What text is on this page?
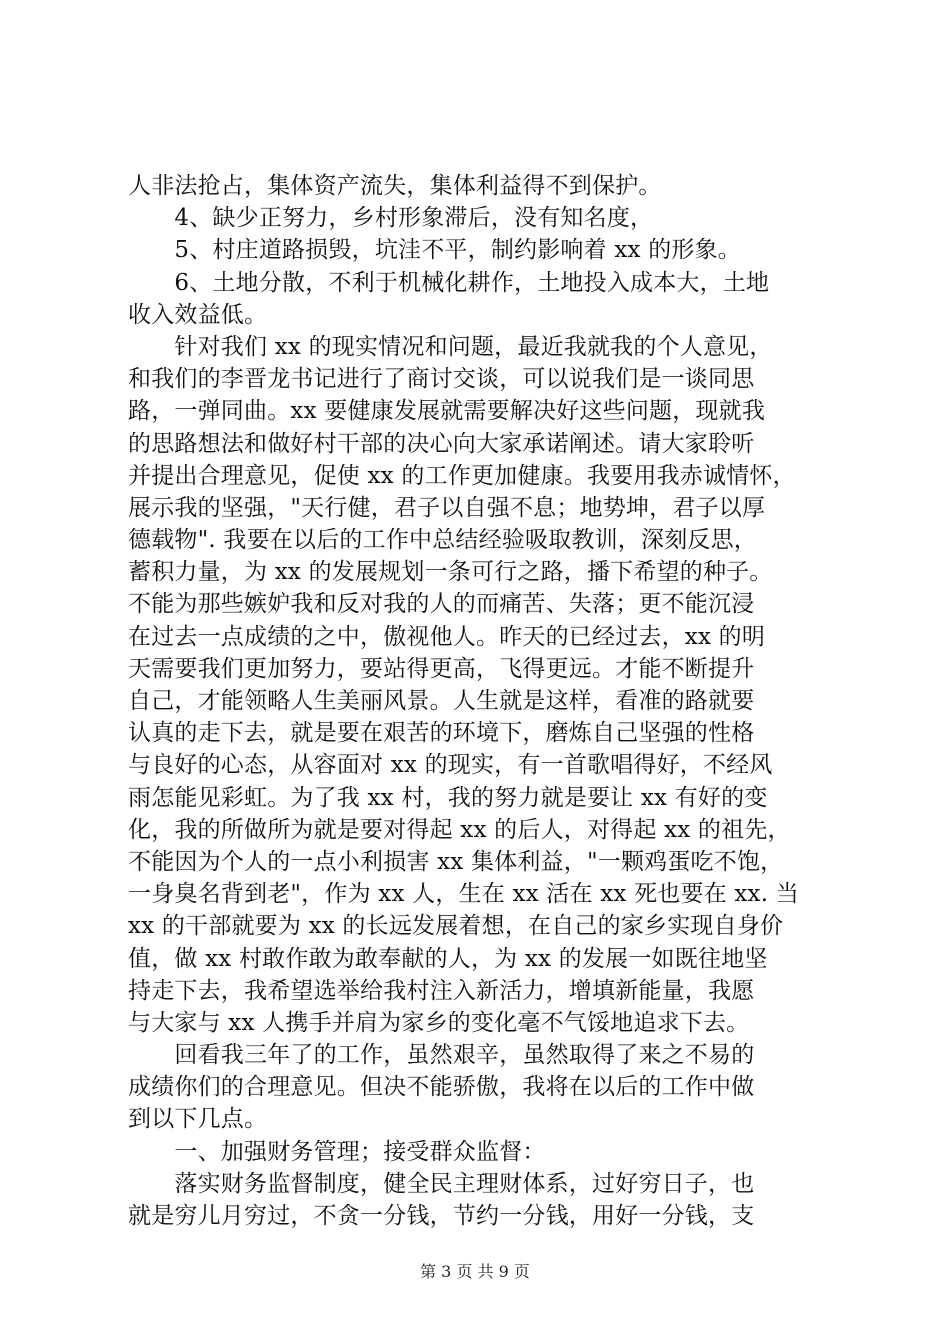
人非法抢占，集体资产流失，集体利益得不到保护。
　　4、缺少正努力，乡村形象滞后，没有知名度，
　　5、村庄道路损毁，坑洼不平，制约影响着 xx 的形象。
　　6、土地分散，不利于机械化耕作，土地投入成本大，土地
收入效益低。
　　针对我们 xx 的现实情况和问题，最近我就我的个人意见，
和我们的李晋龙书记进行了商讨交谈，可以说我们是一谈同思
路，一弹同曲。xx 要健康发展就需要解决好这些问题，现就我
的思路想法和做好村干部的决心向大家承诺阐述。请大家聆听
并提出合理意见，促使 xx 的工作更加健康。我要用我赤诚情怀，
展示我的坚强，"天行健，君子以自强不息；地势坤，君子以厚
德载物". 我要在以后的工作中总结经验吸取教训，深刻反思，
蓄积力量，为 xx 的发展规划一条可行之路，播下希望的种子。
不能为那些嫉妒我和反对我的人的而痛苦、失落；更不能沉浸
在过去一点成绩的之中，傲视他人。昨天的已经过去，xx 的明
天需要我们更加努力，要站得更高，飞得更远。才能不断提升
自己，才能领略人生美丽风景。人生就是这样，看准的路就要
认真的走下去，就是要在艰苦的环境下，磨炼自己坚强的性格
与良好的心态，从容面对 xx 的现实，有一首歌唱得好，不经风
雨怎能见彩虹。为了我 xx 村，我的努力就是要让 xx 有好的变
化，我的所做所为就是要对得起 xx 的后人，对得起 xx 的祖先，
不能因为个人的一点小利损害 xx 集体利益，"一颗鸡蛋吃不饱，
一身臭名背到老"，作为 xx 人，生在 xx 活在 xx 死也要在 xx. 当
xx 的干部就要为 xx 的长远发展着想，在自己的家乡实现自身价
值，做 xx 村敢作敢为敢奉献的人，为 xx 的发展一如既往地坚
持走下去，我希望选举给我村注入新活力，增填新能量，我愿
与大家与 xx 人携手并肩为家乡的变化毫不气馁地追求下去。
　　回看我三年了的工作，虽然艰辛，虽然取得了来之不易的
成绩你们的合理意见。但决不能骄傲，我将在以后的工作中做
到以下几点。
　　一、加强财务管理；接受群众监督：
　　落实财务监督制度，健全民主理财体系，过好穷日子，也
就是穷儿月穷过，不贪一分钱，节约一分钱，用好一分钱，支
第 3 页 共 9 页
